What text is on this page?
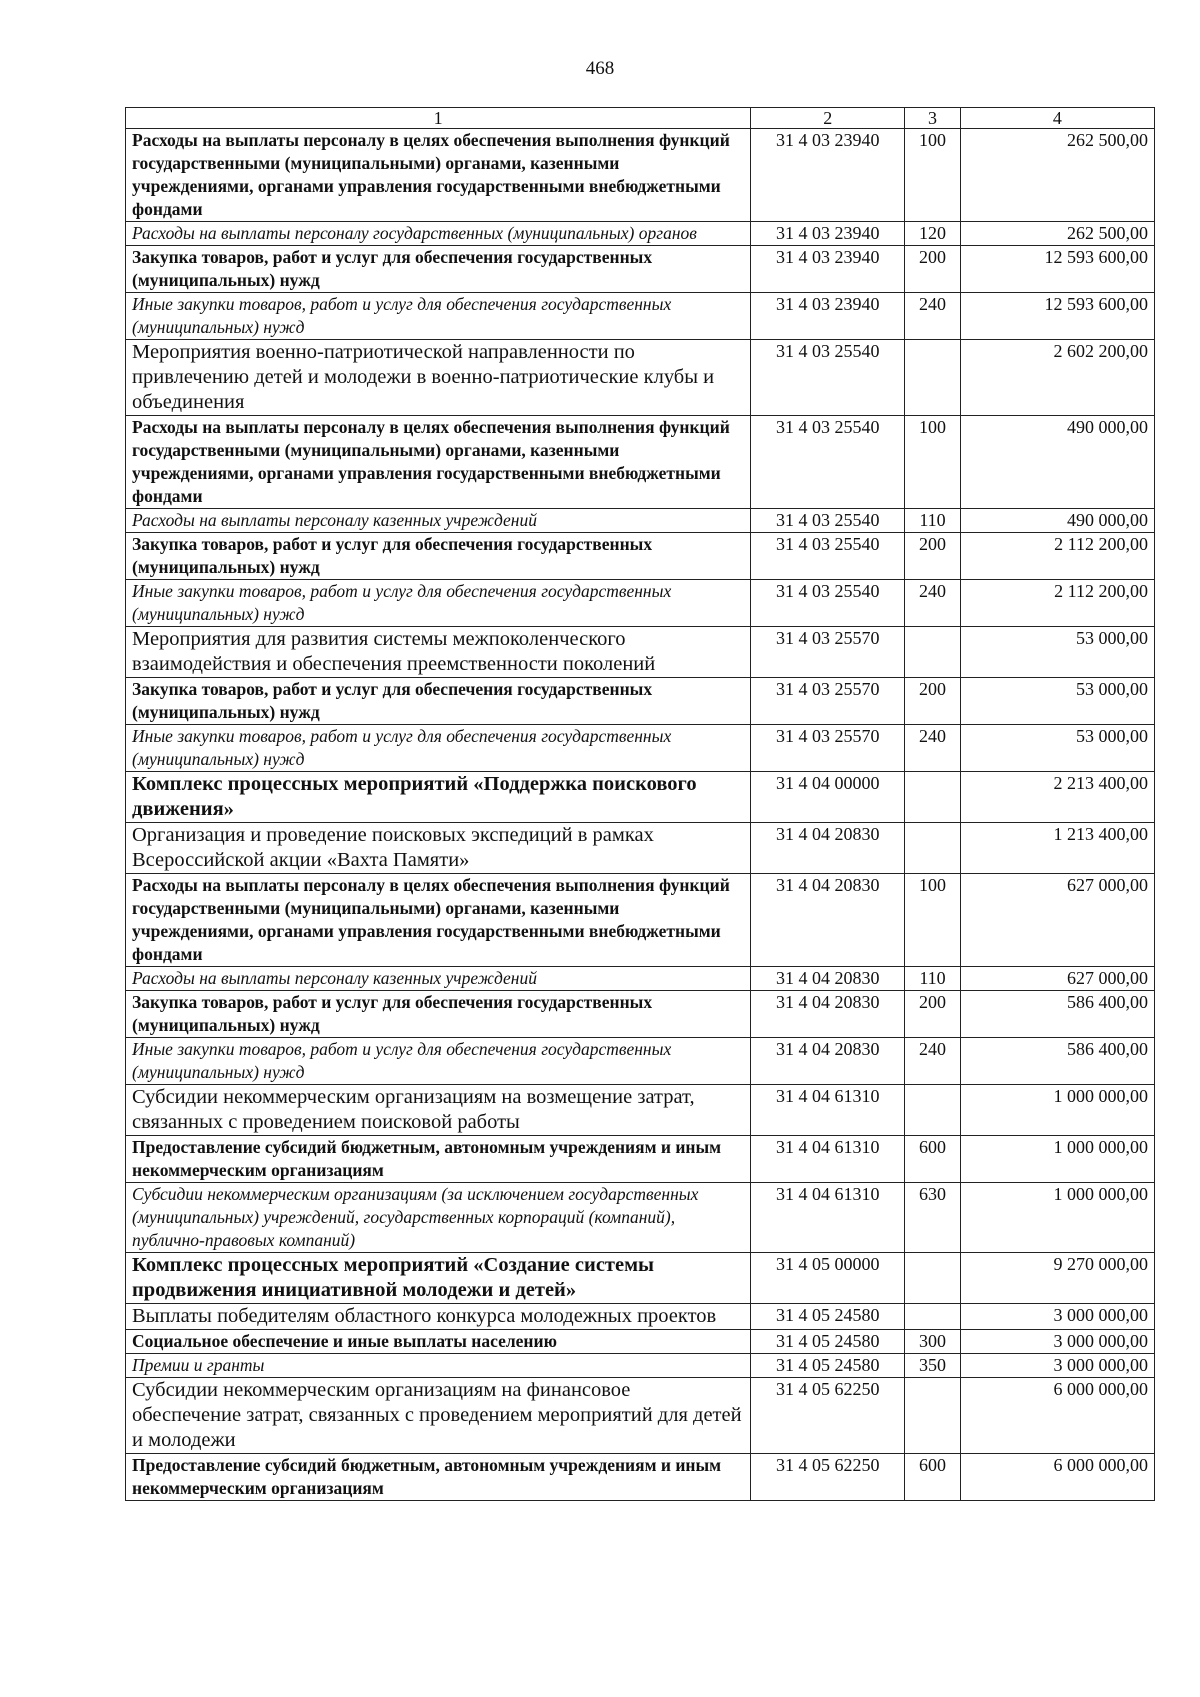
468
1	2	3	4
Расходы на выплаты персоналу в целях обеспечения выполнения функций государственными (муниципальными) органами, казенными учреждениями, органами управления государственными внебюджетными фондами	31 4 03 23940	100	262 500,00
Расходы на выплаты персоналу государственных (муниципальных) органов	31 4 03 23940	120	262 500,00
Закупка товаров, работ и услуг для обеспечения государственных (муниципальных) нужд	31 4 03 23940	200	12 593 600,00
Иные закупки товаров, работ и услуг для обеспечения государственных (муниципальных) нужд	31 4 03 23940	240	12 593 600,00
Мероприятия военно-патриотической направленности по привлечению детей и молодежи в военно-патриотические клубы и объединения	31 4 03 25540		2 602 200,00
Расходы на выплаты персоналу в целях обеспечения выполнения функций государственными (муниципальными) органами, казенными учреждениями, органами управления государственными внебюджетными фондами	31 4 03 25540	100	490 000,00
Расходы на выплаты персоналу казенных учреждений	31 4 03 25540	110	490 000,00
Закупка товаров, работ и услуг для обеспечения государственных (муниципальных) нужд	31 4 03 25540	200	2 112 200,00
Иные закупки товаров, работ и услуг для обеспечения государственных (муниципальных) нужд	31 4 03 25540	240	2 112 200,00
Мероприятия для развития системы межпоколенческого взаимодействия и обеспечения преемственности поколений	31 4 03 25570		53 000,00
Закупка товаров, работ и услуг для обеспечения государственных (муниципальных) нужд	31 4 03 25570	200	53 000,00
Иные закупки товаров, работ и услуг для обеспечения государственных (муниципальных) нужд	31 4 03 25570	240	53 000,00
Комплекс процессных мероприятий «Поддержка поискового движения»	31 4 04 00000		2 213 400,00
Организация и проведение поисковых экспедиций в рамках Всероссийской акции «Вахта Памяти»	31 4 04 20830		1 213 400,00
Расходы на выплаты персоналу в целях обеспечения выполнения функций государственными (муниципальными) органами, казенными учреждениями, органами управления государственными внебюджетными фондами	31 4 04 20830	100	627 000,00
Расходы на выплаты персоналу казенных учреждений	31 4 04 20830	110	627 000,00
Закупка товаров, работ и услуг для обеспечения государственных (муниципальных) нужд	31 4 04 20830	200	586 400,00
Иные закупки товаров, работ и услуг для обеспечения государственных (муниципальных) нужд	31 4 04 20830	240	586 400,00
Субсидии некоммерческим организациям на возмещение затрат, связанных с проведением поисковой работы	31 4 04 61310		1 000 000,00
Предоставление субсидий бюджетным, автономным учреждениям и иным некоммерческим организациям	31 4 04 61310	600	1 000 000,00
Субсидии некоммерческим организациям (за исключением государственных (муниципальных) учреждений, государственных корпораций (компаний), публично-правовых компаний)	31 4 04 61310	630	1 000 000,00
Комплекс процессных мероприятий «Создание системы продвижения инициативной молодежи и детей»	31 4 05 00000		9 270 000,00
Выплаты победителям областного конкурса молодежных проектов	31 4 05 24580		3 000 000,00
Социальное обеспечение и иные выплаты населению	31 4 05 24580	300	3 000 000,00
Премии и гранты	31 4 05 24580	350	3 000 000,00
Субсидии некоммерческим организациям на финансовое обеспечение затрат, связанных с проведением мероприятий для детей и молодежи	31 4 05 62250		6 000 000,00
Предоставление субсидий бюджетным, автономным учреждениям и иным некоммерческим организациям	31 4 05 62250	600	6 000 000,00
